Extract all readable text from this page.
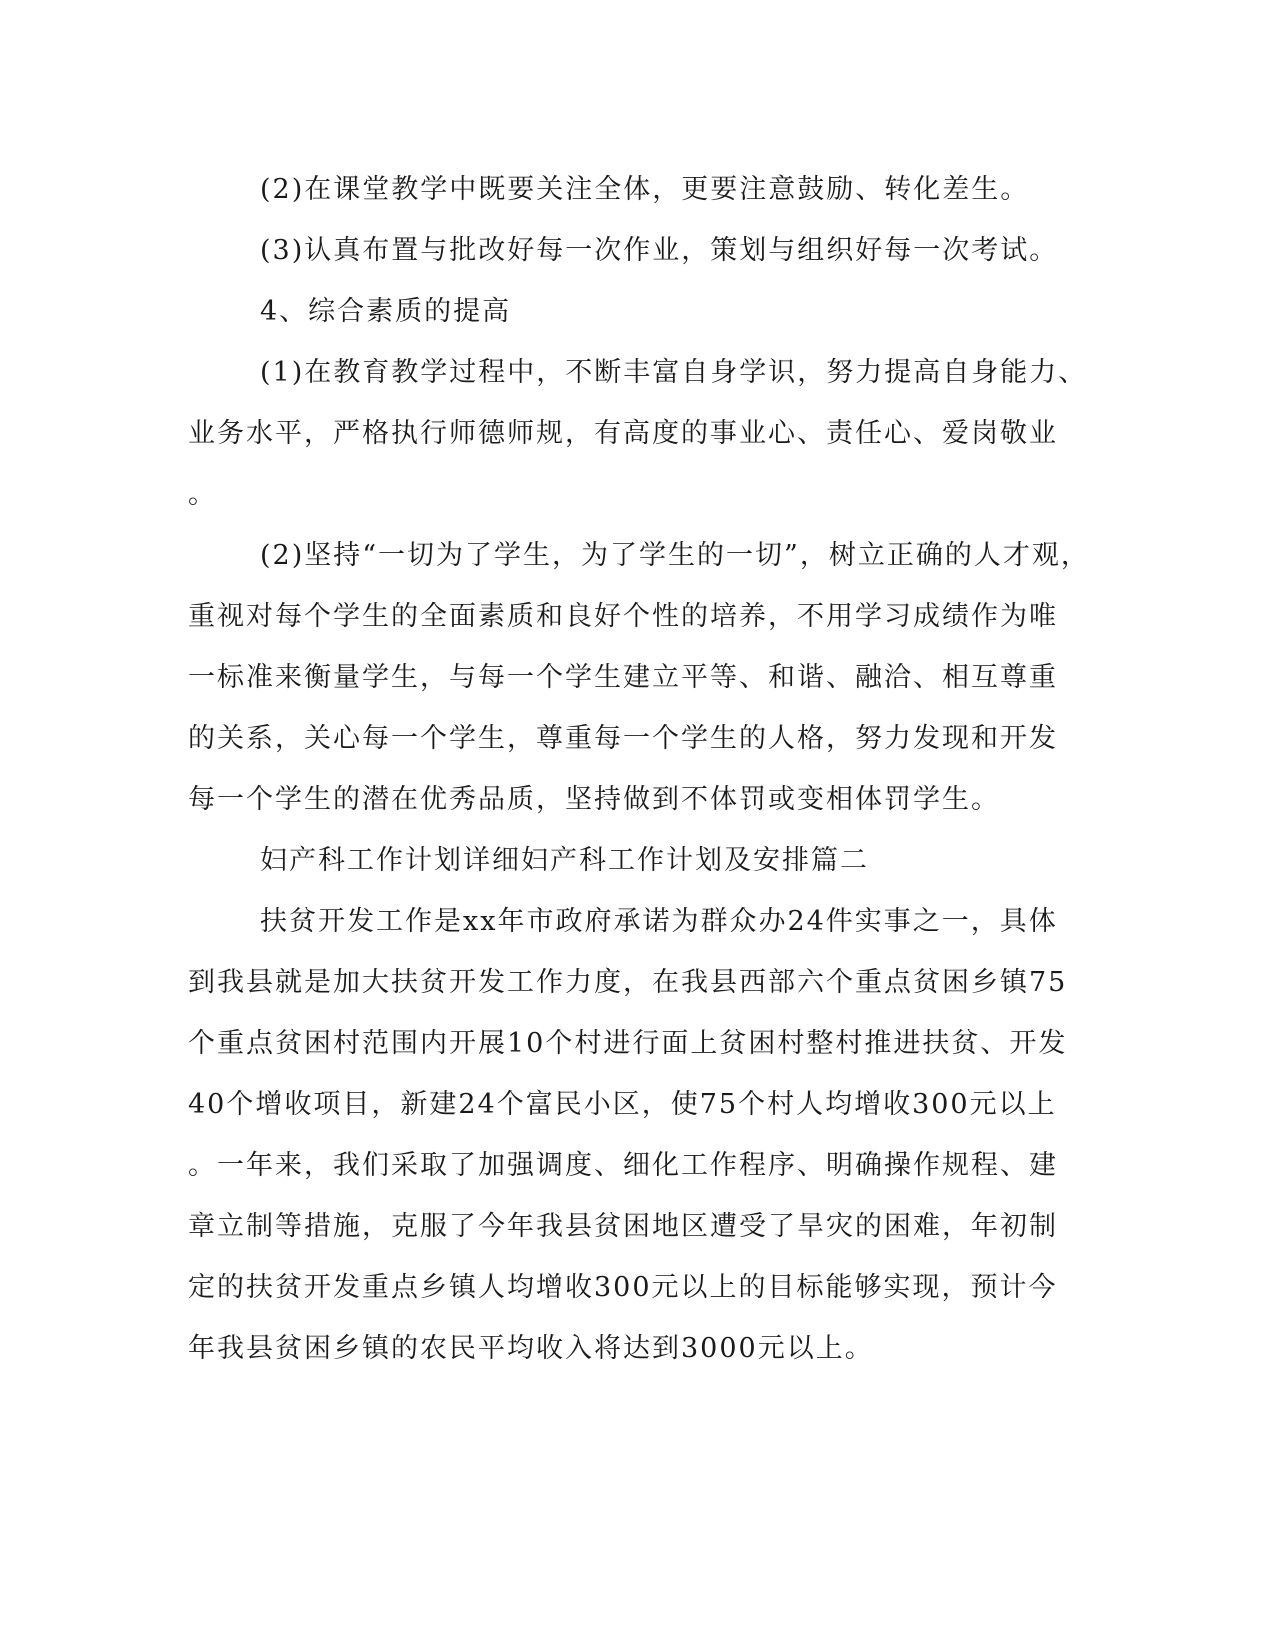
(2)在课堂教学中既要关注全体，更要注意鼓励、转化差生。
(3)认真布置与批改好每一次作业，策划与组织好每一次考试。
4、综合素质的提高
(1)在教育教学过程中，不断丰富自身学识，努力提高自身能力、
业务水平，严格执行师德师规，有高度的事业心、责任心、爱岗敬业
。
(2)坚持“一切为了学生，为了学生的一切”，树立正确的人才观，
重视对每个学生的全面素质和良好个性的培养，不用学习成绩作为唯
一标准来衡量学生，与每一个学生建立平等、和谐、融洽、相互尊重
的关系，关心每一个学生，尊重每一个学生的人格，努力发现和开发
每一个学生的潜在优秀品质，坚持做到不体罚或变相体罚学生。
妇产科工作计划详细妇产科工作计划及安排篇二
扶贫开发工作是xx年市政府承诺为群众办24件实事之一，具体
到我县就是加大扶贫开发工作力度，在我县西部六个重点贫困乡镇75
个重点贫困村范围内开展10个村进行面上贫困村整村推进扶贫、开发
40个增收项目，新建24个富民小区，使75个村人均增收300元以上
。一年来，我们采取了加强调度、细化工作程序、明确操作规程、建
章立制等措施，克服了今年我县贫困地区遭受了旱灾的困难，年初制
定的扶贫开发重点乡镇人均增收300元以上的目标能够实现，预计今
年我县贫困乡镇的农民平均收入将达到3000元以上。
